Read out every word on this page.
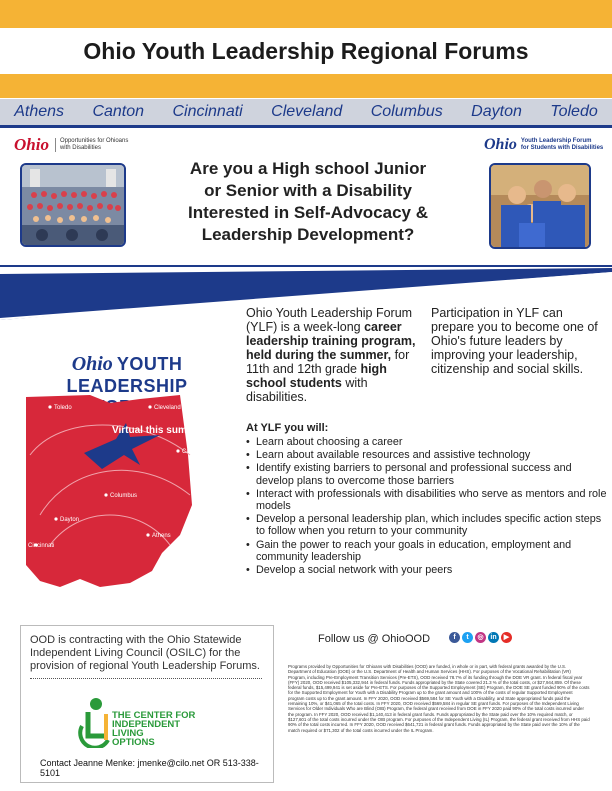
Ohio Youth Leadership Regional Forums
Athens Canton Cincinnati Cleveland Columbus Dayton Toledo
Ohio	Opportunities for Ohioans
with Disabilities	Ohio Youth Leadership Forum
for Students with Disabilities
Are you a High school Junior
or Senior with a Disability
Interested in Self-Advocacy &
Leadership Development?
Ohio YOUTH LEADERSHIP
Toledo	Cleveland
Canton
Columbus
Dayton
Cincinnati
Athens
Virtual this summer
Ohio Youth Leadership Forum (YLF) is a week-long career leadership training program, held during the summer, for 11th and 12th grade high school students with disabilities.
Participation in YLF can prepare you to become one of Ohio's future leaders by improving your leadership, citizenship and social skills.
At YLF you will:
• Learn about choosing a career
• Learn about available resources and assistive technology
• Identify existing barriers to personal and professional success and develop plans to overcome those barriers
• Interact with professionals with disabilities who serve as mentors and role models
• Develop a personal leadership plan, which includes specific action steps to follow when you return to your community
• Gain the power to reach your goals in education, employment and community leadership
• Develop a social network with your peers
OOD is contracting with the Ohio Statewide Independent Living Council (OSILC) for the provision of regional Youth Leadership Forums.
THE CENTER FOR
INDEPENDENT
LIVING
OPTIONS
Contact Jeanne Menke: jmenke@cilo.net OR 513-338-5101
Follow us @ OhioOOD	f	t	◎ in	▶
Programs provided by Opportunities for Ohioans with Disabilities (OOD) are funded, in whole or in part, with federal grants awarded by the U.S. Department of Education (DOE) or the U.S. Department of Health and Human Services (HHS). For purposes of the Vocational Rehabilitation (VR) Program, including Pre-Employment Transition Services (Pre-ETS), OOD received 78.7% of its funding through the DOE VR grant. In federal fiscal year (FFY) 2020, OOD received $105,332,944 in federal funds. Funds appropriated by the State covered 21.3 % of the total costs, or $27,944,859. Of these federal funds, $15,499,941 is set aside for Pre-ETS. For purposes of the Supported Employment (SE) Program, the DOE SE grant funded 90% of the costs for the Supported Employment for Youth with a Disability Program up to the grant amount and 100% of the costs of regular Supported Employment program costs up to the grant amount. In FFY 2020, OOD received $569,584 for SE Youth with a Disability, and State appropriated funds paid the remaining 10%, or $41,065 of the total costs. In FFY 2020, OOD received $569,584 in regular SE grant funds. For purposes of the Independent Living Services for Older Individuals Who are Blind (OIB) Program, the federal grant received from DOE in FFY 2020 paid 90% of the total costs incurred under the program. In FFY 2020, OOD received $1,140,413 in federal grant funds. Funds appropriated by the State paid over the 10% required match, or $127,601 of the total costs incurred under the OIB program. For purposes of the Independent Living (IL) Program, the federal grant received from HHS paid 90% of the total costs incurred. In FFY 2020, OOD received $641,721 in federal grant funds. Funds appropriated by the State paid over the 10% of the match required or $71,302 of the total costs incurred under the IL Program.
